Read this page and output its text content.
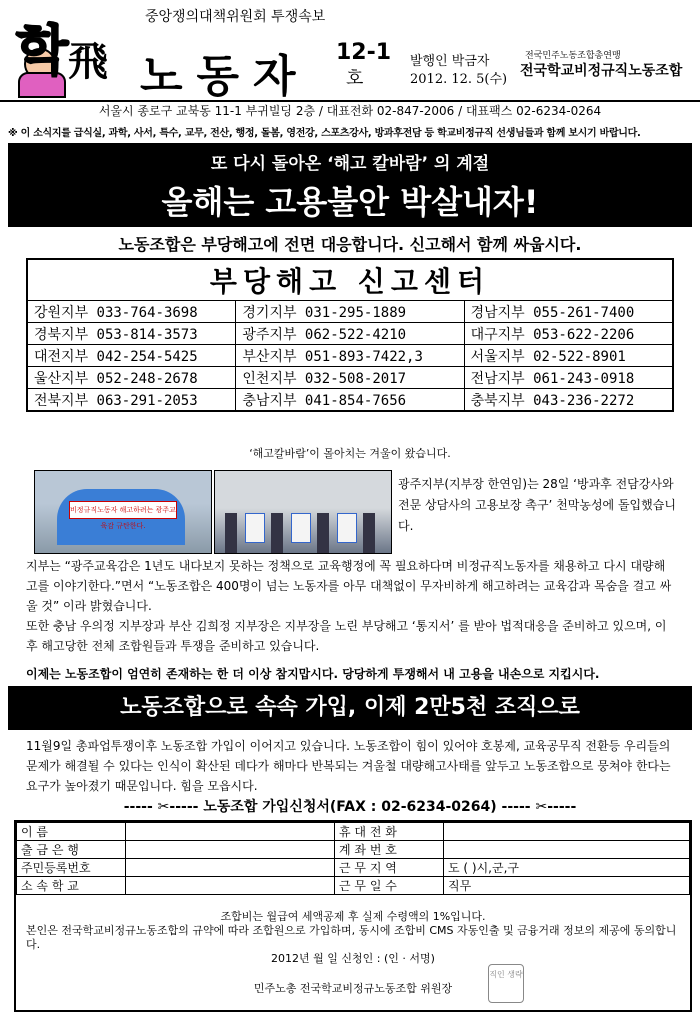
학 飛
중앙쟁의대책위원회 투쟁속보
노동자 12-1
호
발행인 박금자
2012. 12. 5(수)
전국민주노동조합총연맹
전국학교비정규직노동조합
서울시 종로구 교북동 11-1 부귀빌딩 2층 / 대표전화 02-847-2006 / 대표팩스 02-6234-0264
※ 이 소식지를 급식실, 과학, 사서, 특수, 교무, 전산, 행정, 돌봄, 영전강, 스포츠강사, 방과후전담 등 학교비정규직 선생님들과 함께 보시기 바랍니다.
또 다시 돌아온 ‘해고 칼바람’ 의 계절
올해는 고용불안 박살내자!
노동조합은 부당해고에 전면 대응합니다. 신고해서 함께 싸웁시다.
부당해고 신고센터		
강원지부 033-764-3698	경기지부 031-295-1889	경남지부 055-261-7400
경북지부 053-814-3573	광주지부 062-522-4210	대구지부 053-622-2206
대전지부 042-254-5425	부산지부 051-893-7422,3	서울지부 02-522-8901
울산지부 052-248-2678	인천지부 032-508-2017	전남지부 061-243-0918
전북지부 063-291-2053	충남지부 041-854-7656	충북지부 043-236-2272
‘해고칼바람’이 몰아치는 겨울이 왔습니다.
비정규직노동자 해고하려는 광주교육감 규탄한다.
광주지부(지부장 한연임)는 28일 ‘방과후 전담강사와 전문 상담사의 고용보장 촉구’ 천막농성에 돌입했습니다.
지부는 “광주교육감은 1년도 내다보지 못하는 정책으로 교육행정에 꼭 필요하다며 비정규직노동자를 채용하고 다시 대량해고를 이야기한다.”면서 “노동조합은 400명이 넘는 노동자를 아무 대책없이 무자비하게 해고하려는 교육감과 목숨을 걸고 싸울 것” 이라 밝혔습니다.
또한 충남 우의정 지부장과 부산 김희정 지부장은 지부장을 노린 부당해고 ‘통지서’ 를 받아 법적대응을 준비하고 있으며, 이후 해고당한 전체 조합원들과 투쟁을 준비하고 있습니다.
이제는 노동조합이 엄연히 존재하는 한 더 이상 참지맙시다. 당당하게 투쟁해서 내 고용을 내손으로 지킵시다.
노동조합으로 속속 가입, 이제 2만5천 조직으로
11월9일 총파업투쟁이후 노동조합 가입이 이어지고 있습니다. 노동조합이 힘이 있어야 호봉제, 교육공무직 전환등 우리들의 문제가 해결될 수 있다는 인식이 확산된 데다가 해마다 반복되는 겨울철 대량해고사태를 앞두고 노동조합으로 뭉쳐야 한다는 요구가 높아졌기 때문입니다. 힘을 모읍시다.
----- ✂----- 노동조합 가입신청서(FAX : 02-6234-0264) ----- ✂-----
이 름		휴 대 전 화	
출 금 은 행		계 좌 번 호	
주민등록번호		근 무 지 역	도 ( )시,군,구
소 속 학 교		근 무 일 수	직무
조합비는 월급여 세액공제 후 실제 수령액의 1%입니다.
본인은 전국학교비정규노동조합의 규약에 따라 조합원으로 가입하며, 동시에 조합비 CMS 자동인출 및 금융거래 정보의 제공에 동의합니다.
2012년 월 일 신청인 : (인 · 서명)
민주노총 전국학교비정규노동조합 위원장
직인 생략
